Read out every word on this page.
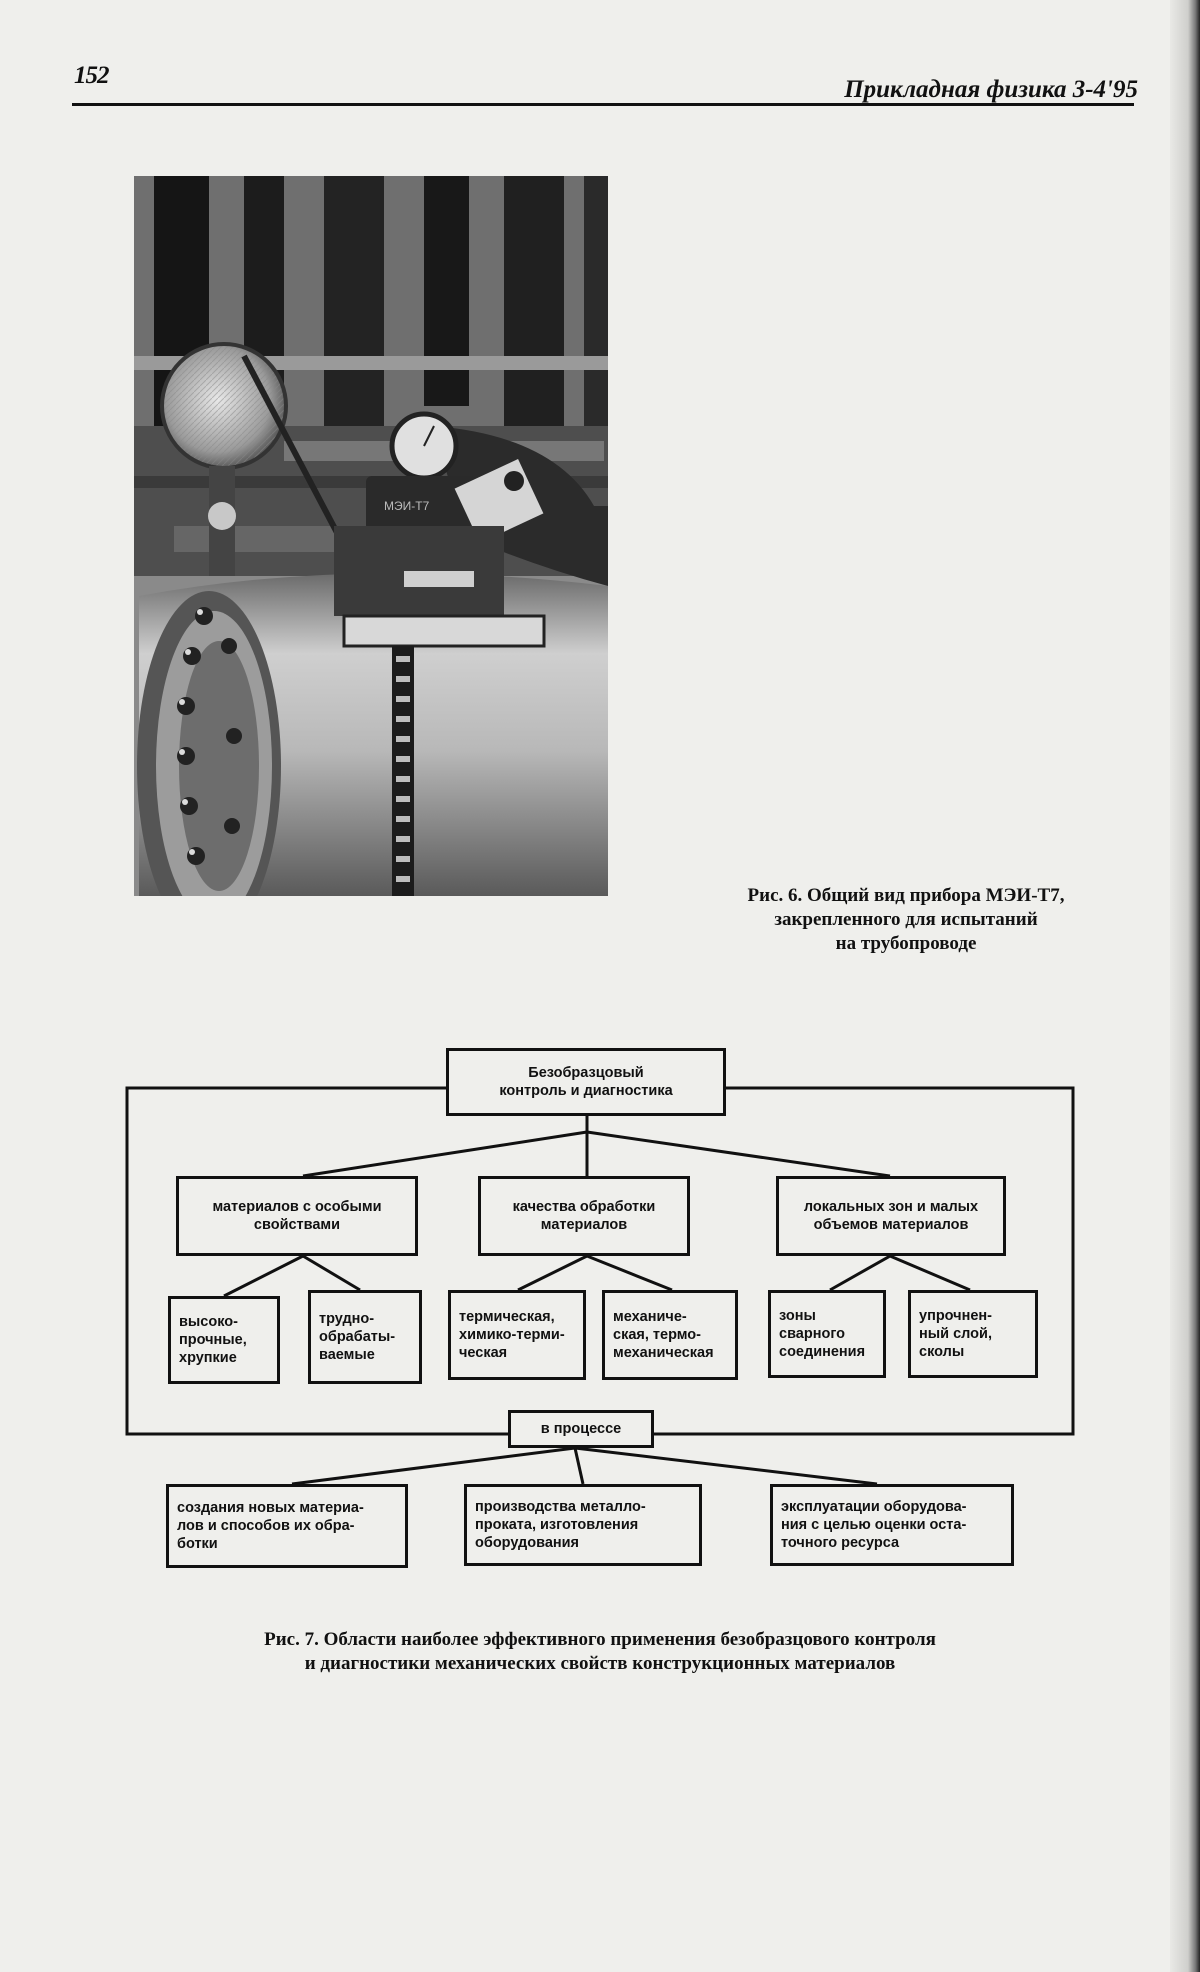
152
Прикладная физика 3-4'95
МЭИ-Т7
Рис. 6. Общий вид прибора МЭИ-Т7,
закрепленного для испытаний
на трубопроводе
Безобразцовый
контроль и диагностика
материалов с особыми
свойствами
качества обработки
материалов
локальных зон и малых
объемов материалов
высоко-
прочные,
хрупкие
трудно-
обрабаты-
ваемые
термическая,
химико-терми-
ческая
механиче-
ская, термо-
механическая
зоны
сварного
соединения
упрочнен-
ный слой,
сколы
в процессе
создания новых материа-
лов и способов их обра-
ботки
производства металло-
проката, изготовления
оборудования
эксплуатации оборудова-
ния с целью оценки оста-
точного ресурса
Рис. 7. Области наиболее эффективного применения безобразцового контроля
и диагностики механических свойств конструкционных материалов
